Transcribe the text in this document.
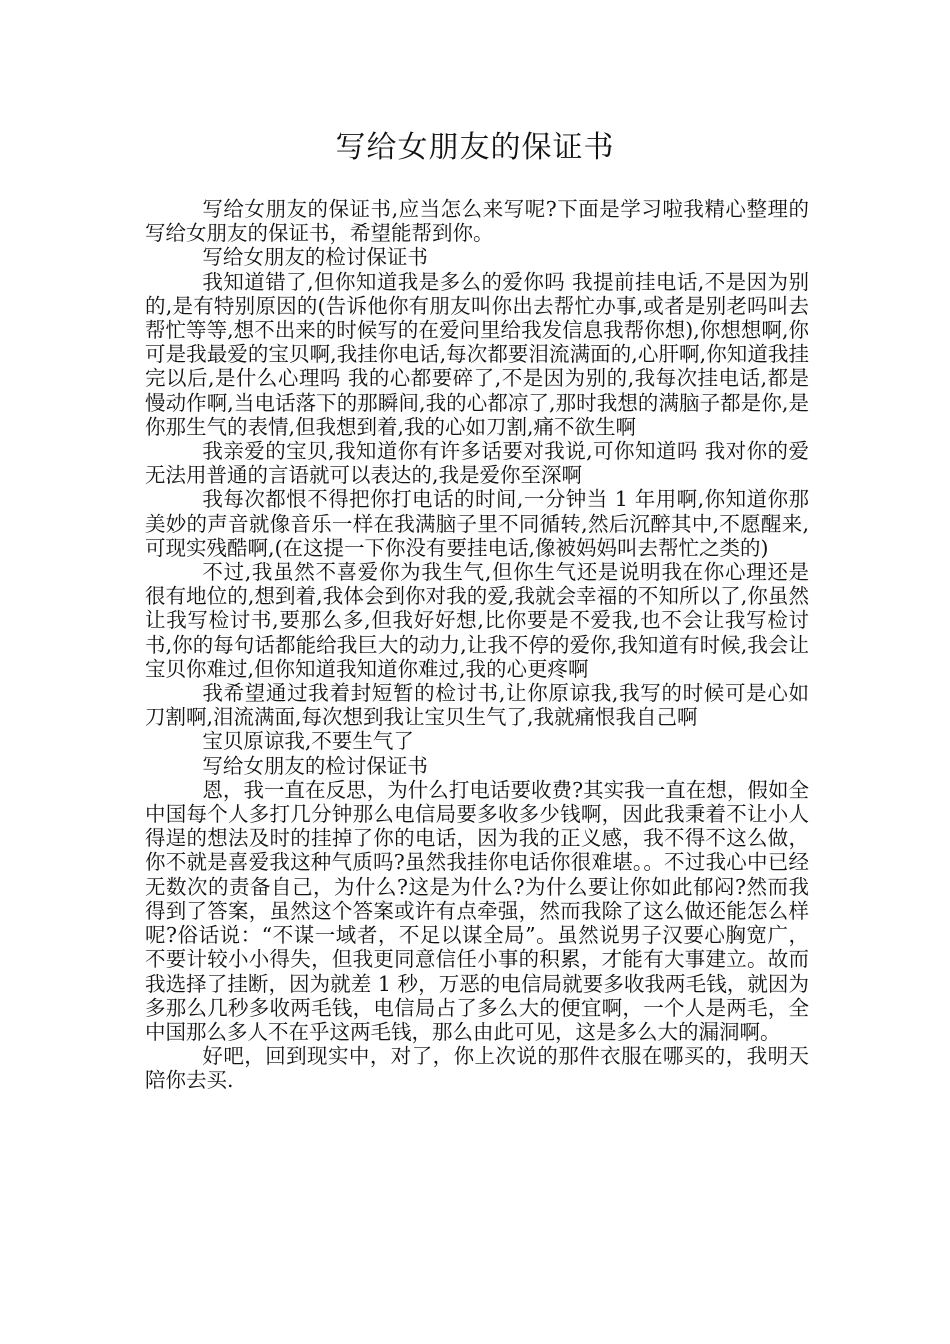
写给女朋友的保证书

写给女朋友的保证书,应当怎么来写呢?下面是学习啦我精心整理的写给女朋友的保证书，希望能帮到你。

写给女朋友的检讨保证书

我知道错了,但你知道我是多么的爱你吗 我提前挂电话,不是因为别的,是有特别原因的(告诉他你有朋友叫你出去帮忙办事,或者是别老吗叫去帮忙等等,想不出来的时候写的在爱问里给我发信息我帮你想),你想想啊,你可是我最爱的宝贝啊,我挂你电话,每次都要泪流满面的,心肝啊,你知道我挂完以后,是什么心理吗 我的心都要碎了,不是因为别的,我每次挂电话,都是慢动作啊,当电话落下的那瞬间,我的心都凉了,那时我想的满脑子都是你,是你那生气的表情,但我想到着,我的心如刀割,痛不欲生啊

我亲爱的宝贝,我知道你有许多话要对我说,可你知道吗 我对你的爱无法用普通的言语就可以表达的,我是爱你至深啊

我每次都恨不得把你打电话的时间,一分钟当 1 年用啊,你知道你那美妙的声音就像音乐一样在我满脑子里不同循转,然后沉醉其中,不愿醒来,可现实残酷啊,(在这提一下你没有要挂电话,像被妈妈叫去帮忙之类的)

不过,我虽然不喜爱你为我生气,但你生气还是说明我在你心理还是很有地位的,想到着,我体会到你对我的爱,我就会幸福的不知所以了,你虽然让我写检讨书,要那么多,但我好好想,比你要是不爱我,也不会让我写检讨书,你的每句话都能给我巨大的动力,让我不停的爱你,我知道有时候,我会让宝贝你难过,但你知道我知道你难过,我的心更疼啊

我希望通过我着封短暂的检讨书,让你原谅我,我写的时候可是心如刀割啊,泪流满面,每次想到我让宝贝生气了,我就痛恨我自己啊

宝贝原谅我,不要生气了

写给女朋友的检讨保证书

恩，我一直在反思，为什么打电话要收费?其实我一直在想，假如全中国每个人多打几分钟那么电信局要多收多少钱啊，因此我秉着不让小人得逞的想法及时的挂掉了你的电话，因为我的正义感，我不得不这么做，你不就是喜爱我这种气质吗?虽然我挂你电话你很难堪。。不过我心中已经无数次的责备自己，为什么?这是为什么?为什么要让你如此郁闷?然而我得到了答案，虽然这个答案或许有点牵强，然而我除了这么做还能怎么样呢?俗话说：“不谋一域者，不足以谋全局”。虽然说男子汉要心胸宽广，不要计较小小得失，但我更同意信任小事的积累，才能有大事建立。故而我选择了挂断，因为就差 1 秒，万恶的电信局就要多收我两毛钱，就因为多那么几秒多收两毛钱，电信局占了多么大的便宜啊，一个人是两毛，全中国那么多人不在乎这两毛钱，那么由此可见，这是多么大的漏洞啊。

好吧，回到现实中，对了，你上次说的那件衣服在哪买的，我明天陪你去买.
